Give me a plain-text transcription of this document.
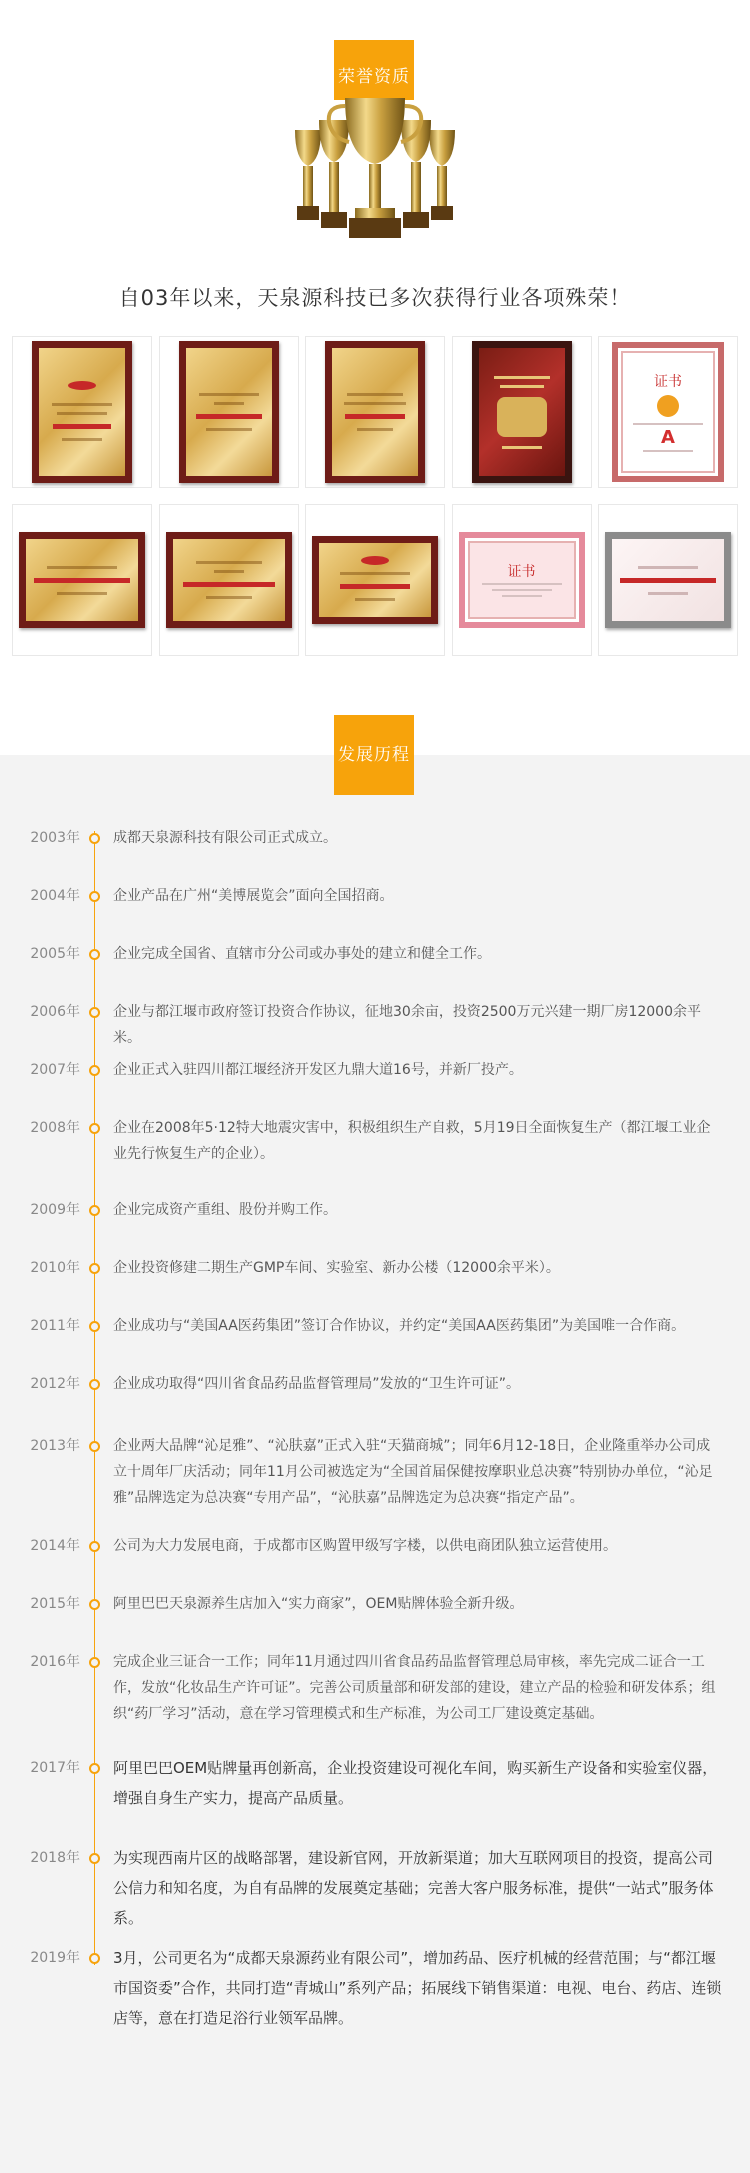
荣誉资质
自03年以来，天泉源科技已多次获得行业各项殊荣！
证书
A
证书
发展历程
2003年 成都天泉源科技有限公司正式成立。
2004年 企业产品在广州“美博展览会”面向全国招商。
2005年 企业完成全国省、直辖市分公司或办事处的建立和健全工作。
2006年 企业与都江堰市政府签订投资合作协议，征地30余亩，投资2500万元兴建一期厂房12000余平米。
2007年 企业正式入驻四川都江堰经济开发区九鼎大道16号，并新厂投产。
2008年 企业在2008年5·12特大地震灾害中，积极组织生产自救，5月19日全面恢复生产（都江堰工业企业先行恢复生产的企业）。
2009年 企业完成资产重组、股份并购工作。
2010年 企业投资修建二期生产GMP车间、实验室、新办公楼（12000余平米）。
2011年 企业成功与“美国AA医药集团”签订合作协议，并约定“美国AA医药集团”为美国唯一合作商。
2012年 企业成功取得“四川省食品药品监督管理局”发放的“卫生许可证”。
2013年 企业两大品牌“沁足雅”、“沁肤嘉”正式入驻“天猫商城”；同年6月12-18日，企业隆重举办公司成立十周年厂庆活动；同年11月公司被选定为“全国首届保健按摩职业总决赛”特别协办单位，“沁足雅”品牌选定为总决赛“专用产品”，“沁肤嘉”品牌选定为总决赛“指定产品”。
2014年 公司为大力发展电商，于成都市区购置甲级写字楼，以供电商团队独立运营使用。
2015年 阿里巴巴天泉源养生店加入“实力商家”，OEM贴牌体验全新升级。
2016年 完成企业三证合一工作；同年11月通过四川省食品药品监督管理总局审核，率先完成二证合一工作，发放“化妆品生产许可证”。完善公司质量部和研发部的建设，建立产品的检验和研发体系；组织“药厂学习”活动，意在学习管理模式和生产标准，为公司工厂建设奠定基础。
2017年 阿里巴巴OEM贴牌量再创新高，企业投资建设可视化车间，购买新生产设备和实验室仪器，增强自身生产实力，提高产品质量。
2018年 为实现西南片区的战略部署，建设新官网，开放新渠道；加大互联网项目的投资，提高公司公信力和知名度，为自有品牌的发展奠定基础；完善大客户服务标准，提供“一站式”服务体系。
2019年 3月，公司更名为“成都天泉源药业有限公司”，增加药品、医疗机械的经营范围；与“都江堰市国资委”合作，共同打造“青城山”系列产品；拓展线下销售渠道：电视、电台、药店、连锁店等，意在打造足浴行业领军品牌。
